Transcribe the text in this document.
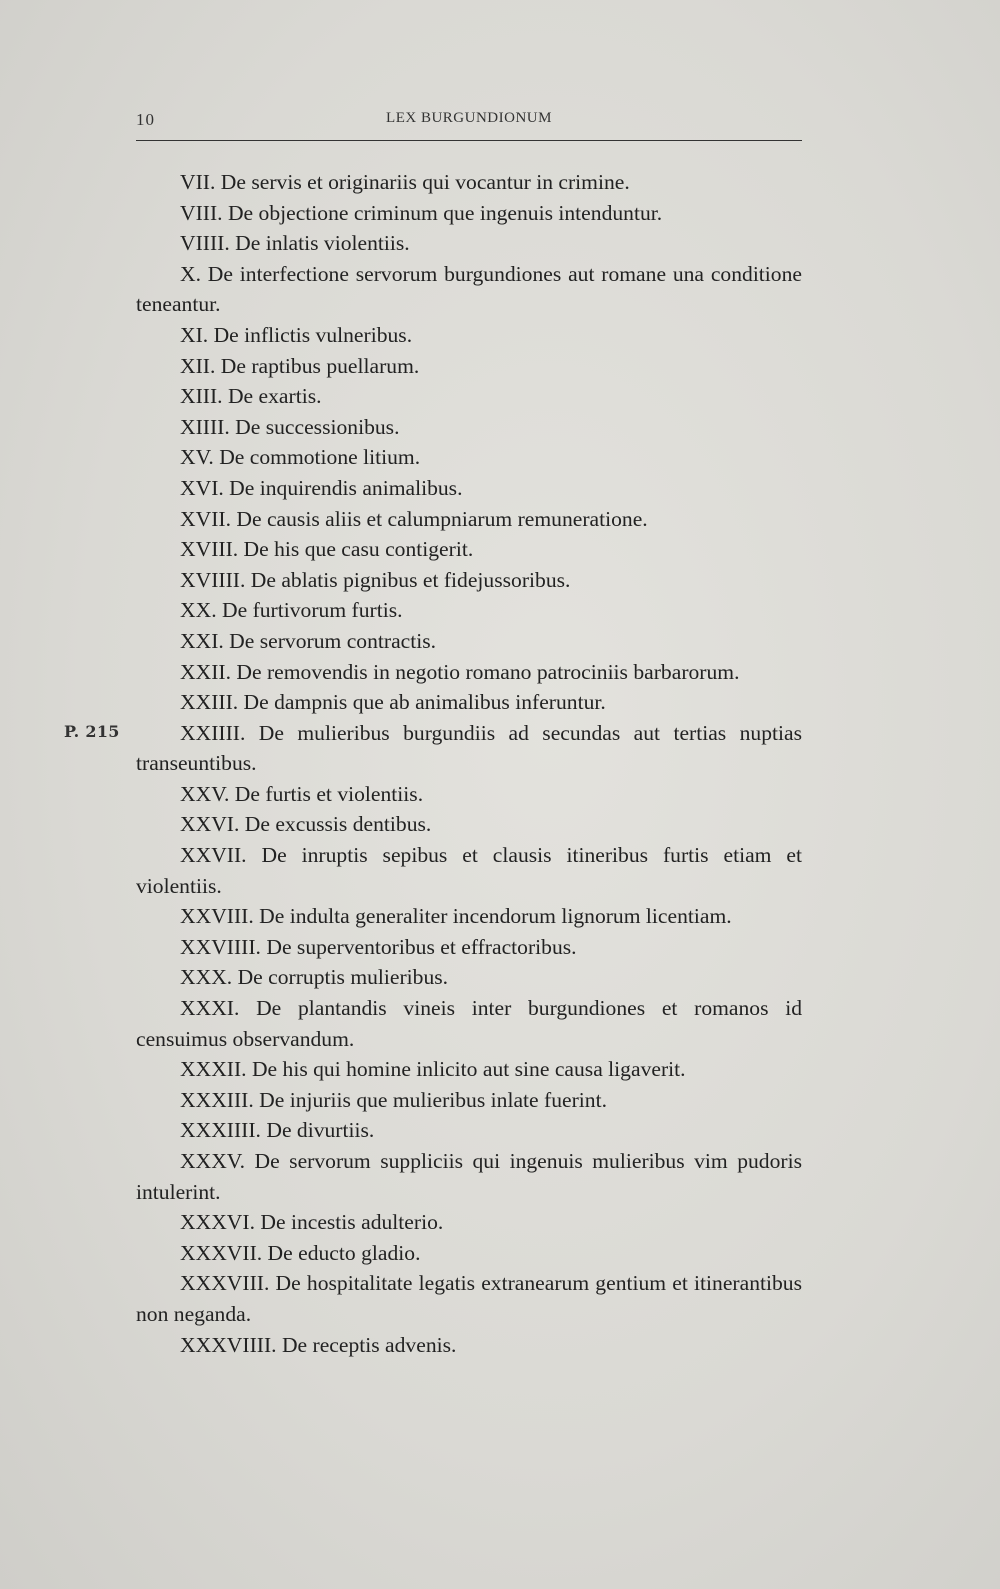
10	LEX BURGUNDIONUM
P. 215

VII. De servis et originariis qui vocantur in crimine.

VIII. De objectione criminum que ingenuis intenduntur.

VIIII. De inlatis violentiis.

X. De interfectione servorum burgundiones aut romane una conditione teneantur.

XI. De inflictis vulneribus.

XII. De raptibus puellarum.

XIII. De exartis.

XIIII. De successionibus.

XV. De commotione litium.

XVI. De inquirendis animalibus.

XVII. De causis aliis et calumpniarum remuneratione.

XVIII. De his que casu contigerit.

XVIIII. De ablatis pignibus et fidejussoribus.

XX. De furtivorum furtis.

XXI. De servorum contractis.

XXII. De removendis in negotio romano patrociniis barbarorum.

XXIII. De dampnis que ab animalibus inferuntur.

XXIIII. De mulieribus burgundiis ad secundas aut tertias nuptias transeuntibus.

XXV. De furtis et violentiis.

XXVI. De excussis dentibus.

XXVII. De inruptis sepibus et clausis itineribus furtis etiam et violentiis.

XXVIII. De indulta generaliter incendorum lignorum licentiam.

XXVIIII. De superventoribus et effractoribus.

XXX. De corruptis mulieribus.

XXXI. De plantandis vineis inter burgundiones et romanos id censuimus observandum.

XXXII. De his qui homine inlicito aut sine causa ligaverit.

XXXIII. De injuriis que mulieribus inlate fuerint.

XXXIIII. De divurtiis.

XXXV. De servorum suppliciis qui ingenuis mulieribus vim pudoris intulerint.

XXXVI. De incestis adulterio.

XXXVII. De educto gladio.

XXXVIII. De hospitalitate legatis extranearum gentium et itinerantibus non neganda.

XXXVIIII. De receptis advenis.
